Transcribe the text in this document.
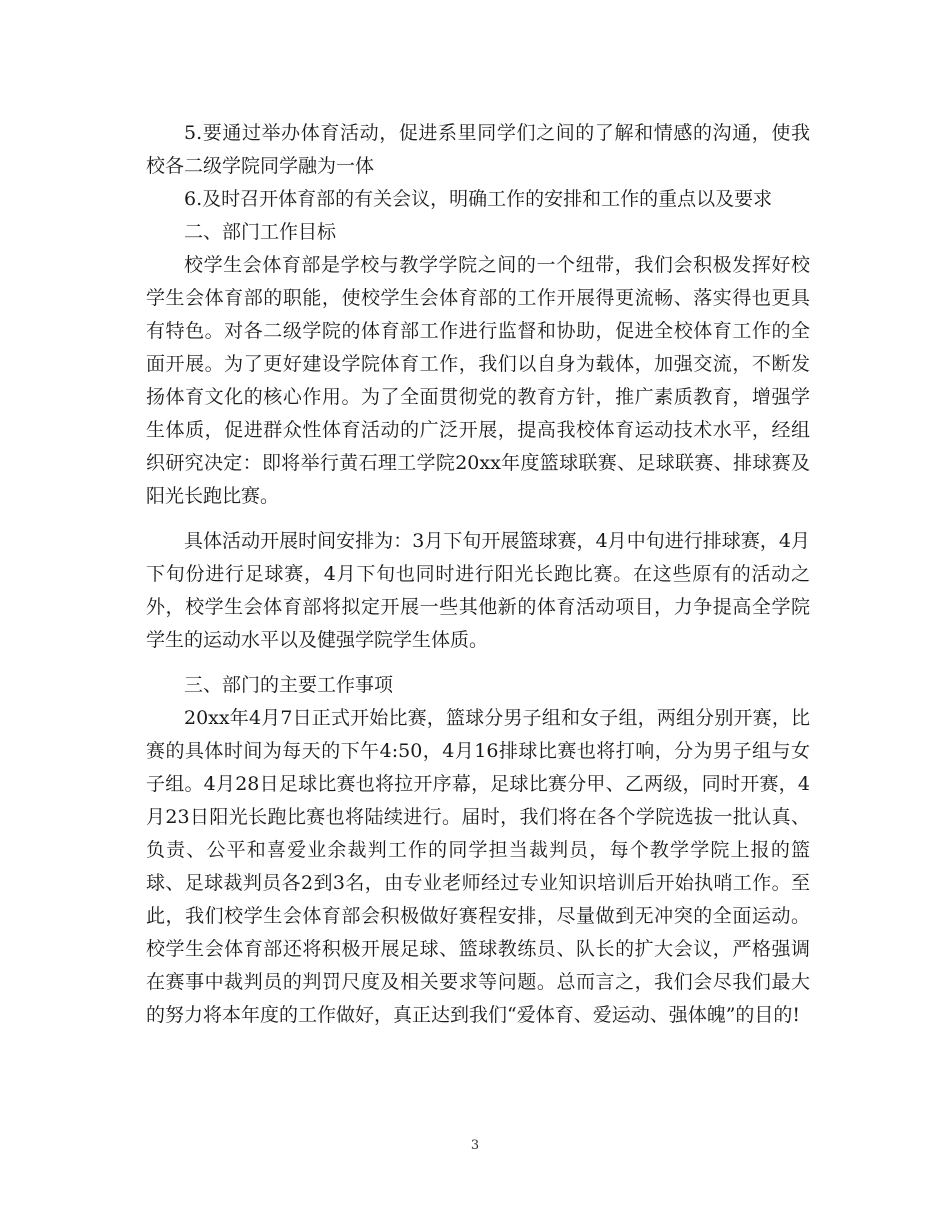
5.要通过举办体育活动，促进系里同学们之间的了解和情感的沟通，使我校各二级学院同学融为一体

6.及时召开体育部的有关会议，明确工作的安排和工作的重点以及要求

二、部门工作目标

校学生会体育部是学校与教学学院之间的一个纽带，我们会积极发挥好校学生会体育部的职能，使校学生会体育部的工作开展得更流畅、落实得也更具有特色。对各二级学院的体育部工作进行监督和协助，促进全校体育工作的全面开展。为了更好建设学院体育工作，我们以自身为载体，加强交流，不断发扬体育文化的核心作用。为了全面贯彻党的教育方针，推广素质教育，增强学生体质，促进群众性体育活动的广泛开展，提高我校体育运动技术水平，经组织研究决定：即将举行黄石理工学院20xx年度篮球联赛、足球联赛、排球赛及阳光长跑比赛。

具体活动开展时间安排为：3月下旬开展篮球赛，4月中旬进行排球赛，4月下旬份进行足球赛，4月下旬也同时进行阳光长跑比赛。在这些原有的活动之外，校学生会体育部将拟定开展一些其他新的体育活动项目，力争提高全学院学生的运动水平以及健强学院学生体质。

三、部门的主要工作事项

20xx年4月7日正式开始比赛，篮球分男子组和女子组，两组分别开赛，比赛的具体时间为每天的下午4:50，4月16排球比赛也将打响，分为男子组与女子组。4月28日足球比赛也将拉开序幕，足球比赛分甲、乙两级，同时开赛，4月23日阳光长跑比赛也将陆续进行。届时，我们将在各个学院选拔一批认真、负责、公平和喜爱业余裁判工作的同学担当裁判员，每个教学学院上报的篮球、足球裁判员各2到3名，由专业老师经过专业知识培训后开始执哨工作。至此，我们校学生会体育部会积极做好赛程安排，尽量做到无冲突的全面运动。校学生会体育部还将积极开展足球、篮球教练员、队长的扩大会议，严格强调在赛事中裁判员的判罚尺度及相关要求等问题。总而言之，我们会尽我们最大的努力将本年度的工作做好，真正达到我们“爱体育、爱运动、强体魄”的目的!

3
